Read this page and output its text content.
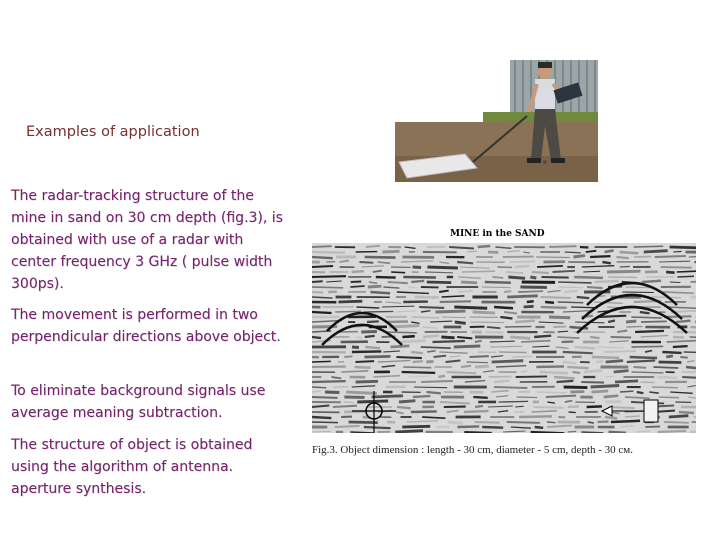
Examples of application

The radar-tracking structure of the mine in sand on 30 cm depth (fig.3), is obtained with use of a radar with center frequency 3 GHz ( pulse width 300ps).

The movement is performed in two perpendicular directions above object.

To eliminate background signals use average meaning subtraction.

The structure of object is obtained using the algorithm of antenna. aperture synthesis.

MINE in the SAND
Fig.3. Object dimension : length - 30 cm, diameter - 5 cm, depth - 30 см.
